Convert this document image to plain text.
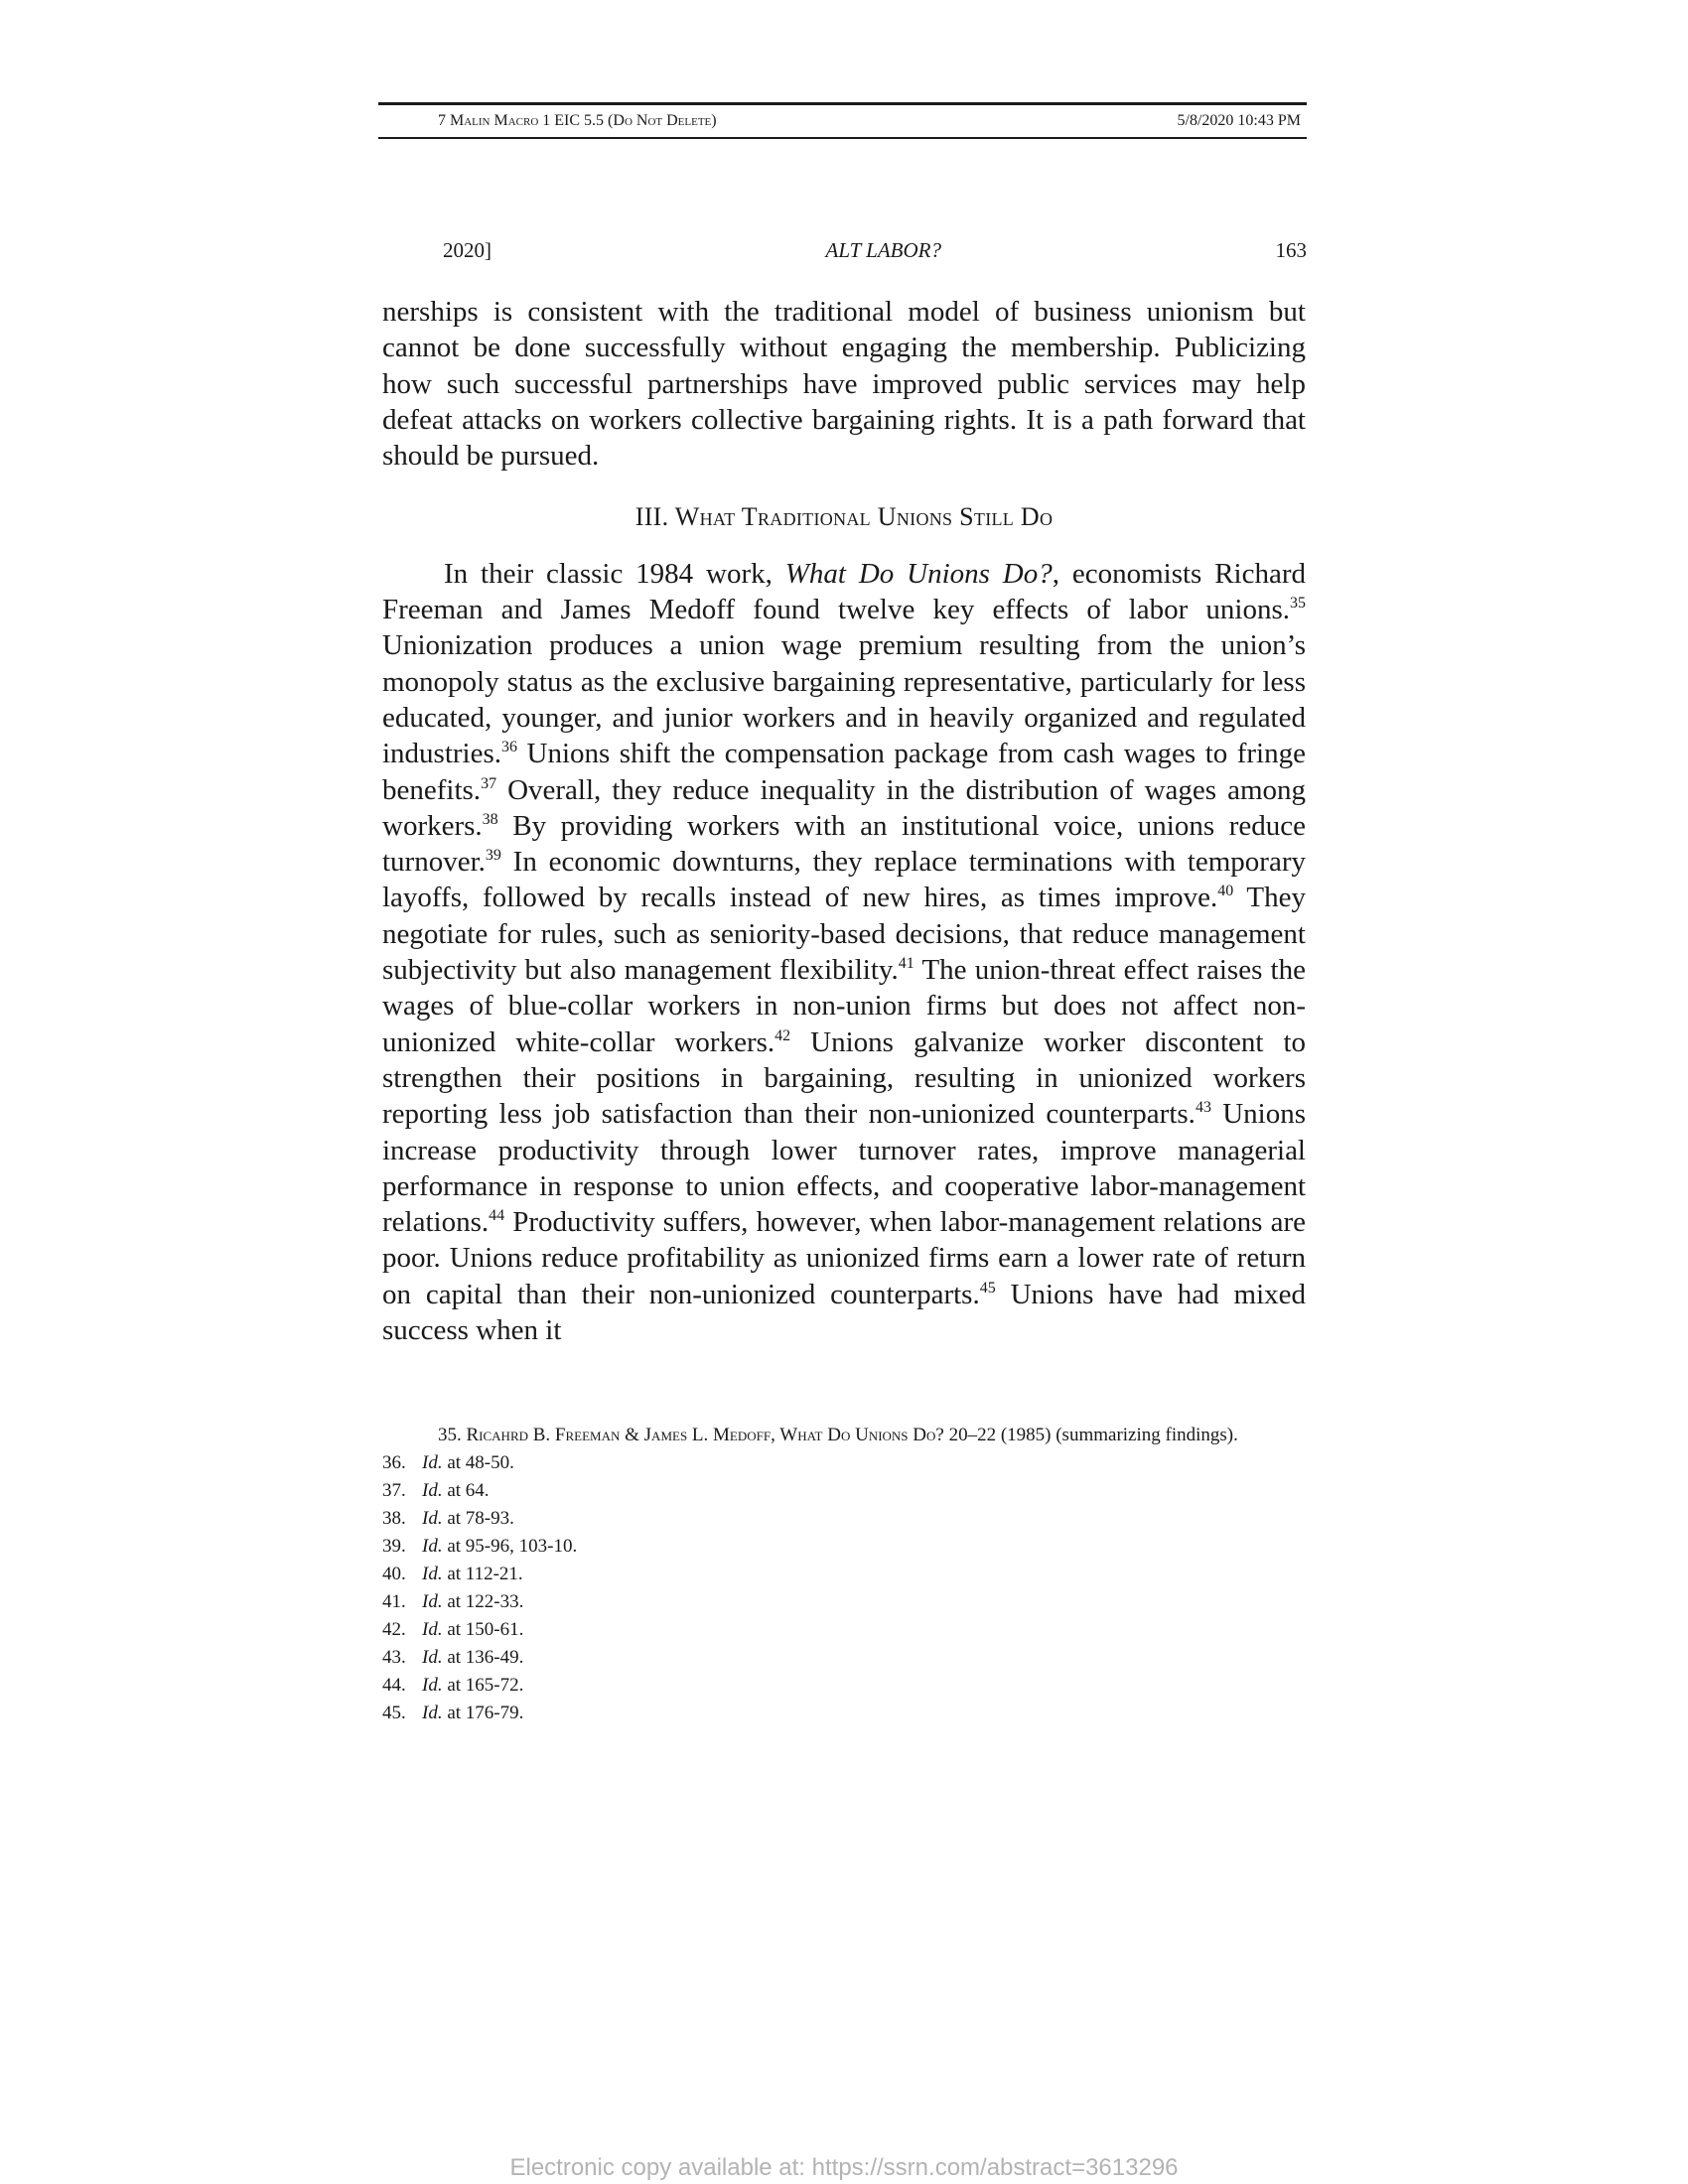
7 Malin Macro 1 EIC 5.5 (Do Not Delete)	5/8/2020 10:43 PM
2020]	ALT LABOR?	163

nerships is consistent with the traditional model of business unionism but cannot be done successfully without engaging the membership. Publicizing how such successful partnerships have improved public services may help defeat attacks on workers collective bargaining rights. It is a path forward that should be pursued.

III. What Traditional Unions Still Do

In their classic 1984 work, What Do Unions Do?, economists Richard Freeman and James Medoff found twelve key effects of labor unions.$^{35}$ Unionization produces a union wage premium resulting from the union’s monopoly status as the exclusive bargaining representative, particularly for less educated, younger, and junior workers and in heavily organized and regulated industries.$^{36}$ Unions shift the compensation package from cash wages to fringe benefits.$^{37}$ Overall, they reduce inequality in the distribution of wages among workers.$^{38}$ By providing workers with an institutional voice, unions reduce turnover.$^{39}$ In economic downturns, they replace terminations with temporary layoffs, followed by recalls instead of new hires, as times improve.$^{40}$ They negotiate for rules, such as seniority-based decisions, that reduce management subjectivity but also management flexibility.$^{41}$ The union-threat effect raises the wages of blue-collar workers in non-union firms but does not affect non-unionized white-collar workers.$^{42}$ Unions galvanize worker discontent to strengthen their positions in bargaining, resulting in unionized workers reporting less job satisfaction than their non-unionized counterparts.$^{43}$ Unions increase productivity through lower turnover rates, improve managerial performance in response to union effects, and cooperative labor-management relations.$^{44}$ Productivity suffers, however, when labor-management relations are poor. Unions reduce profitability as unionized firms earn a lower rate of return on capital than their non-unionized counterparts.$^{45}$ Unions have had mixed success when it

35. Ricahrd B. Freeman & James L. Medoff, What Do Unions Do? 20–22 (1985) (summarizing findings).
36. Id. at 48-50.
37. Id. at 64.
38. Id. at 78-93.
39. Id. at 95-96, 103-10.
40. Id. at 112-21.
41. Id. at 122-33.
42. Id. at 150-61.
43. Id. at 136-49.
44. Id. at 165-72.
45. Id. at 176-79.
Electronic copy available at: https://ssrn.com/abstract=3613296
